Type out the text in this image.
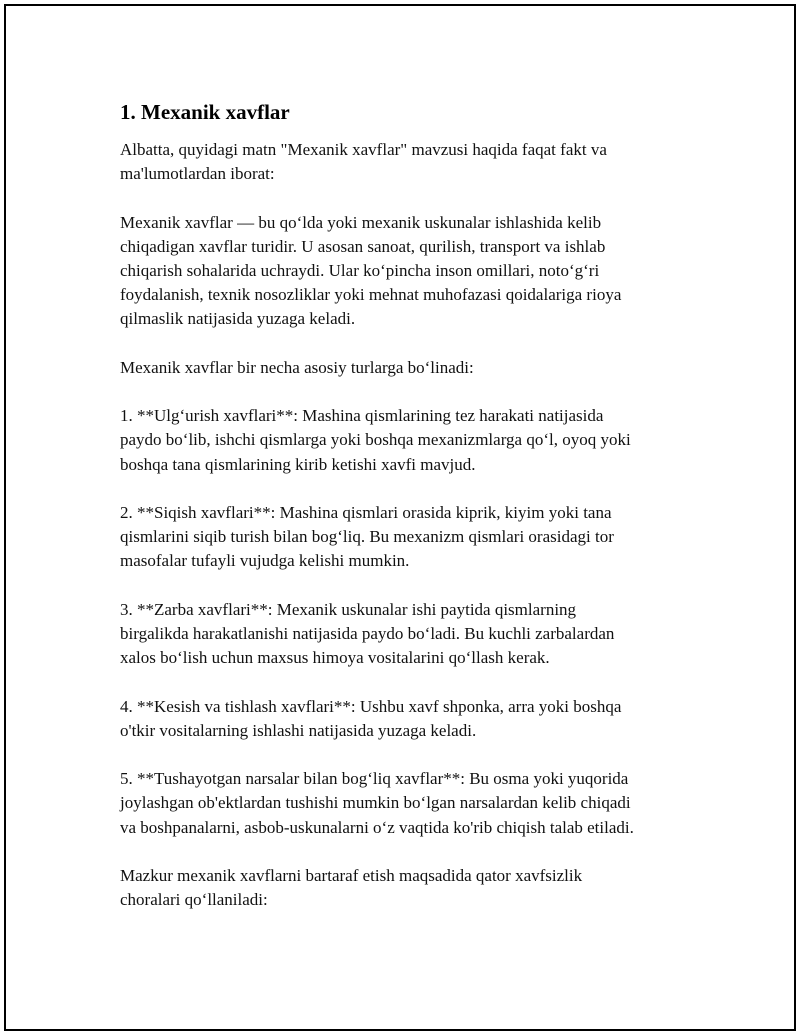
1. Mexanik xavflar

Albatta, quyidagi matn "Mexanik xavflar" mavzusi haqida faqat fakt va
ma'lumotlardan iborat:

Mexanik xavflar — bu qo‘lda yoki mexanik uskunalar ishlashida kelib
chiqadigan xavflar turidir. U asosan sanoat, qurilish, transport va ishlab
chiqarish sohalarida uchraydi. Ular ko‘pincha inson omillari, noto‘g‘ri
foydalanish, texnik nosozliklar yoki mehnat muhofazasi qoidalariga rioya
qilmaslik natijasida yuzaga keladi.

Mexanik xavflar bir necha asosiy turlarga bo‘linadi:

1. **Ulg‘urish xavflari**: Mashina qismlarining tez harakati natijasida
paydo bo‘lib, ishchi qismlarga yoki boshqa mexanizmlarga qo‘l, oyoq yoki
boshqa tana qismlarining kirib ketishi xavfi mavjud.

2. **Siqish xavflari**: Mashina qismlari orasida kiprik, kiyim yoki tana
qismlarini siqib turish bilan bog‘liq. Bu mexanizm qismlari orasidagi tor
masofalar tufayli vujudga kelishi mumkin.

3. **Zarba xavflari**: Mexanik uskunalar ishi paytida qismlarning
birgalikda harakatlanishi natijasida paydo bo‘ladi. Bu kuchli zarbalardan
xalos bo‘lish uchun maxsus himoya vositalarini qo‘llash kerak.

4. **Kesish va tishlash xavflari**: Ushbu xavf shponka, arra yoki boshqa
o'tkir vositalarning ishlashi natijasida yuzaga keladi.

5. **Tushayotgan narsalar bilan bog‘liq xavflar**: Bu osma yoki yuqorida
joylashgan ob'ektlardan tushishi mumkin bo‘lgan narsalardan kelib chiqadi
va boshpanalarni, asbob-uskunalarni o‘z vaqtida ko'rib chiqish talab etiladi.

Mazkur mexanik xavflarni bartaraf etish maqsadida qator xavfsizlik
choralari qo‘llaniladi:
